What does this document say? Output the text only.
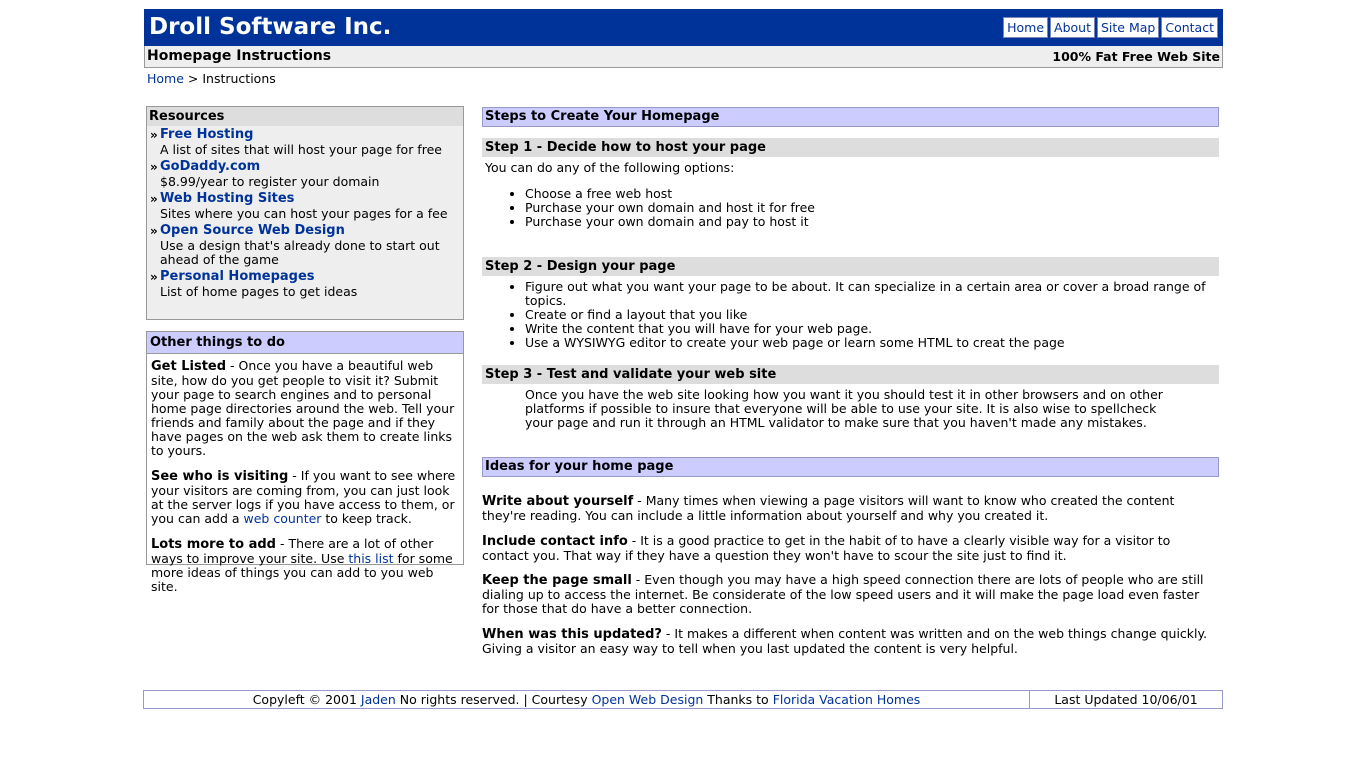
Droll Software Inc.	Home About Site Map Contact
Homepage Instructions	100% Fat Free Web Site
Home > Instructions
Resources
» Free Hosting
A list of sites that will host your page for free
» GoDaddy.com
$8.99/year to register your domain
» Web Hosting Sites
Sites where you can host your pages for a fee
» Open Source Web Design
Use a design that's already done to start out ahead of the game
» Personal Homepages
List of home pages to get ideas
Other things to do
Get Listed - Once you have a beautiful web site, how do you get people to visit it? Submit your page to search engines and to personal home page directories around the web. Tell your friends and family about the page and if they have pages on the web ask them to create links to yours.
See who is visiting - If you want to see where your visitors are coming from, you can just look at the server logs if you have access to them, or you can add a web counter to keep track.
Lots more to add - There are a lot of other ways to improve your site. Use this list for some more ideas of things you can add to you web site.
Steps to Create Your Homepage
Step 1 - Decide how to host your page
You can do any of the following options:
• Choose a free web host
• Purchase your own domain and host it for free
• Purchase your own domain and pay to host it
Step 2 - Design your page
• Figure out what you want your page to be about. It can specialize in a certain area or cover a broad range of topics.
• Create or find a layout that you like
• Write the content that you will have for your web page.
• Use a WYSIWYG editor to create your web page or learn some HTML to creat the page
Step 3 - Test and validate your web site
Once you have the web site looking how you want it you should test it in other browsers and on other platforms if possible to insure that everyone will be able to use your site. It is also wise to spellcheck your page and run it through an HTML validator to make sure that you haven't made any mistakes.
Ideas for your home page
Write about yourself - Many times when viewing a page visitors will want to know who created the content they're reading. You can include a little information about yourself and why you created it.
Include contact info - It is a good practice to get in the habit of to have a clearly visible way for a visitor to contact you. That way if they have a question they won't have to scour the site just to find it.
Keep the page small - Even though you may have a high speed connection there are lots of people who are still dialing up to access the internet. Be considerate of the low speed users and it will make the page load even faster for those that do have a better connection.
When was this updated? - It makes a different when content was written and on the web things change quickly. Giving a visitor an easy way to tell when you last updated the content is very helpful.
Copyleft © 2001 Jaden No rights reserved. | Courtesy Open Web Design Thanks to Florida Vacation Homes	Last Updated 10/06/01
